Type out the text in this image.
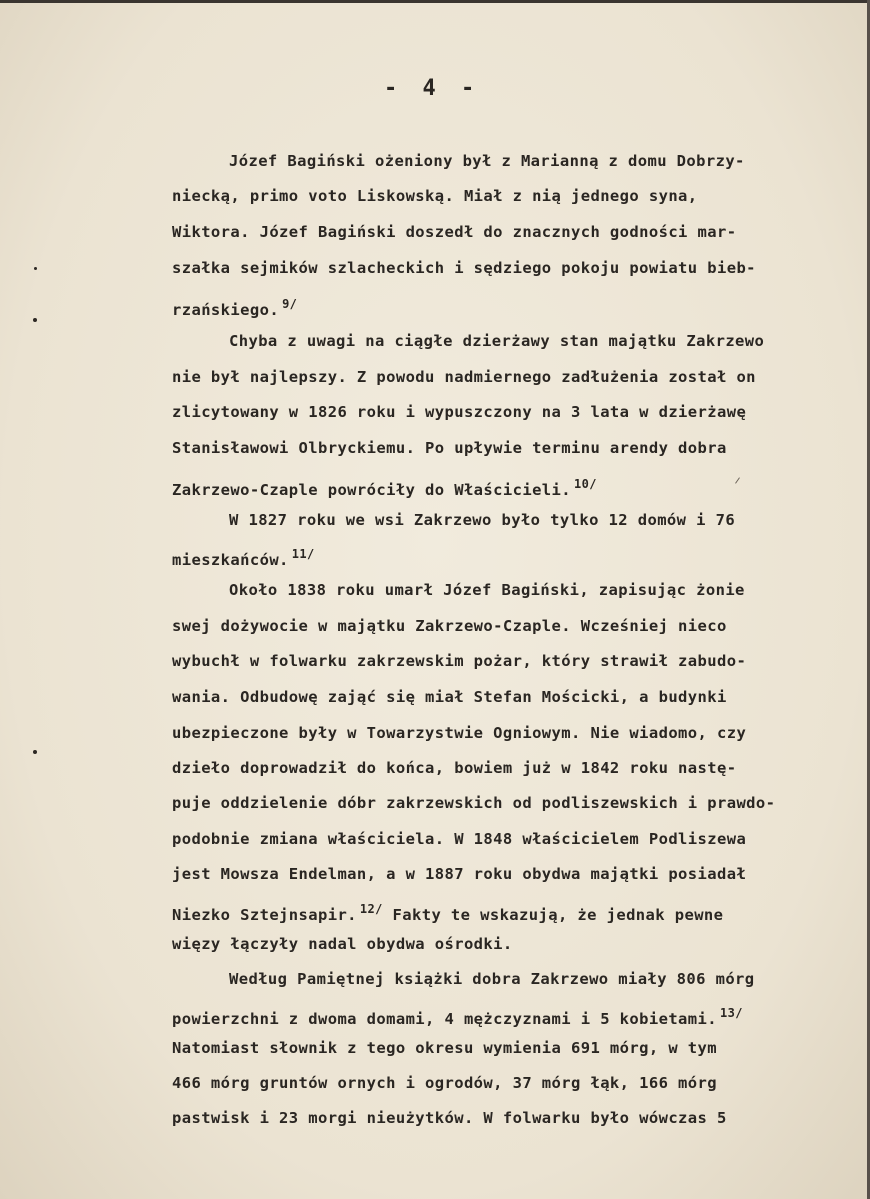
- 4 -
Józef Bagiński ożeniony był z Marianną z domu Dobrzy-
niecką, primo voto Liskowską. Miał z nią jednego syna,
Wiktora. Józef Bagiński doszedł do znacznych godności mar-
szałka sejmików szlacheckich i sędziego pokoju powiatu bieb-
rzańskiego. $^{9/}$
Chyba z uwagi na ciągłe dzierżawy stan majątku Zakrzewo
nie był najlepszy. Z powodu nadmiernego zadłużenia został on
zlicytowany w 1826 roku i wypuszczony na 3 lata w dzierżawę
Stanisławowi Olbryckiemu. Po upływie terminu arendy dobra
Zakrzewo-Czaple powróciły do Właścicieli. $^{10/}$
W 1827 roku we wsi Zakrzewo było tylko 12 domów i 76
mieszkańców. $^{11/}$
Około 1838 roku umarł Józef Bagiński, zapisując żonie
swej dożywocie w majątku Zakrzewo-Czaple. Wcześniej nieco
wybuchł w folwarku zakrzewskim pożar, który strawił zabudo-
wania. Odbudowę zająć się miał Stefan Mościcki, a budynki
ubezpieczone były w Towarzystwie Ogniowym. Nie wiadomo, czy
dzieło doprowadził do końca, bowiem już w 1842 roku nastę-
puje oddzielenie dóbr zakrzewskich od podliszewskich i prawdo-
podobnie zmiana właściciela. W 1848 właścicielem Podliszewa
jest Mowsza Endelman, a w 1887 roku obydwa majątki posiadał
Niezko Sztejnsapir. $^{12/}$ Fakty te wskazują, że jednak pewne
więzy łączyły nadal obydwa ośrodki.
Według Pamiętnej książki dobra Zakrzewo miały 806 mórg
powierzchni z dwoma domami, 4 mężczyznami i 5 kobietami. $^{13/}$
Natomiast słownik z tego okresu wymienia 691 mórg, w tym
466 mórg gruntów ornych i ogrodów, 37 mórg łąk, 166 mórg
pastwisk i 23 morgi nieużytków. W folwarku było wówczas 5
